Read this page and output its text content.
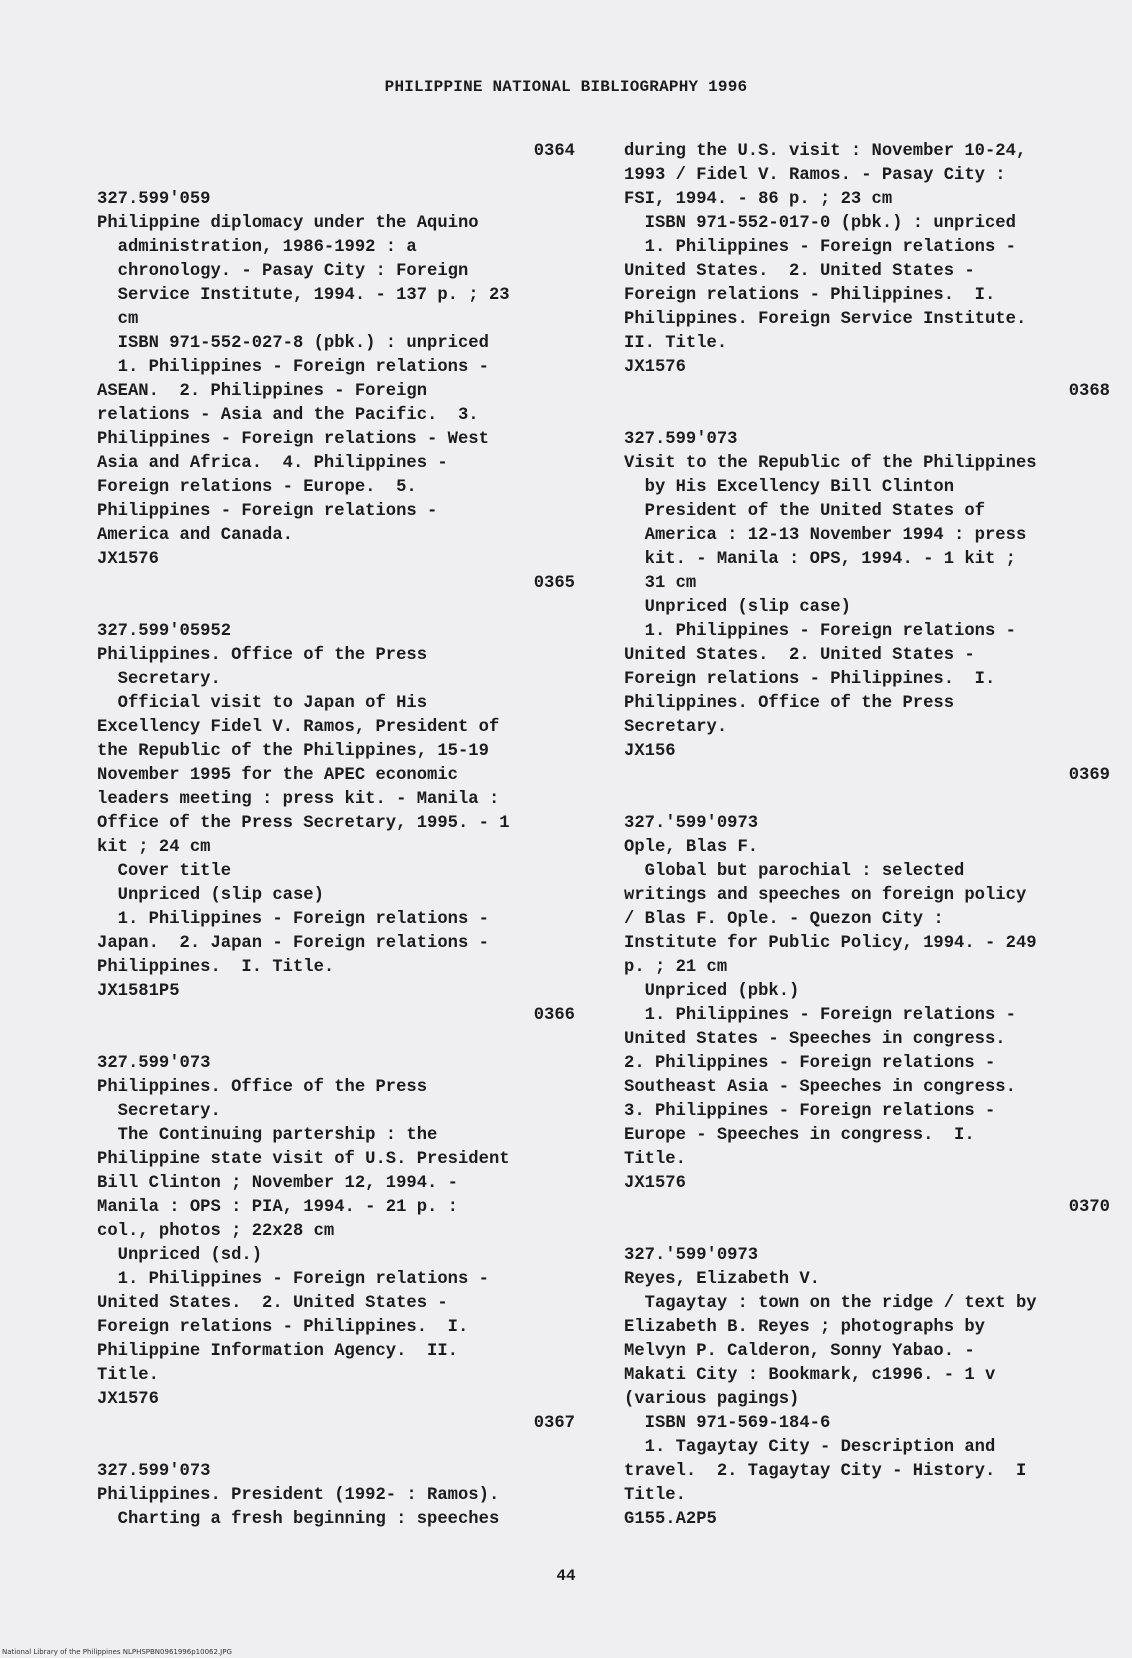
PHILIPPINE NATIONAL BIBLIOGRAPHY 1996
0364
327.599'059
Philippine diplomacy under the Aquino
administration, 1986-1992 : a
chronology. - Pasay City : Foreign
Service Institute, 1994. - 137 p. ; 23
cm
ISBN 971-552-027-8 (pbk.) : unpriced
1. Philippines - Foreign relations -
ASEAN.  2. Philippines - Foreign
relations - Asia and the Pacific.  3.
Philippines - Foreign relations - West
Asia and Africa.  4. Philippines -
Foreign relations - Europe.  5.
Philippines - Foreign relations -
America and Canada.
JX1576
0365
327.599'05952
Philippines. Office of the Press
Secretary.
Official visit to Japan of His
Excellency Fidel V. Ramos, President of
the Republic of the Philippines, 15-19
November 1995 for the APEC economic
leaders meeting : press kit. - Manila :
Office of the Press Secretary, 1995. - 1
kit ; 24 cm
Cover title
Unpriced (slip case)
1. Philippines - Foreign relations -
Japan.  2. Japan - Foreign relations -
Philippines.  I. Title.
JX1581P5
0366
327.599'073
Philippines. Office of the Press
Secretary.
The Continuing partership : the
Philippine state visit of U.S. President
Bill Clinton ; November 12, 1994. -
Manila : OPS : PIA, 1994. - 21 p. :
col., photos ; 22x28 cm
Unpriced (sd.)
1. Philippines - Foreign relations -
United States.  2. United States -
Foreign relations - Philippines.  I.
Philippine Information Agency.  II.
Title.
JX1576
0367
327.599'073
Philippines. President (1992- : Ramos).
Charting a fresh beginning : speeches
during the U.S. visit : November 10-24,
1993 / Fidel V. Ramos. - Pasay City :
FSI, 1994. - 86 p. ; 23 cm
ISBN 971-552-017-0 (pbk.) : unpriced
1. Philippines - Foreign relations -
United States.  2. United States -
Foreign relations - Philippines.  I.
Philippines. Foreign Service Institute.
II. Title.
JX1576
0368
327.599'073
Visit to the Republic of the Philippines
by His Excellency Bill Clinton
President of the United States of
America : 12-13 November 1994 : press
kit. - Manila : OPS, 1994. - 1 kit ;
31 cm
Unpriced (slip case)
1. Philippines - Foreign relations -
United States.  2. United States -
Foreign relations - Philippines.  I.
Philippines. Office of the Press
Secretary.
JX156
0369
327.'599'0973
Ople, Blas F.
Global but parochial : selected
writings and speeches on foreign policy
/ Blas F. Ople. - Quezon City :
Institute for Public Policy, 1994. - 249
p. ; 21 cm
Unpriced (pbk.)
1. Philippines - Foreign relations -
United States - Speeches in congress.
2. Philippines - Foreign relations -
Southeast Asia - Speeches in congress.
3. Philippines - Foreign relations -
Europe - Speeches in congress.  I.
Title.
JX1576
0370
327.'599'0973
Reyes, Elizabeth V.
Tagaytay : town on the ridge / text by
Elizabeth B. Reyes ; photographs by
Melvyn P. Calderon, Sonny Yabao. -
Makati City : Bookmark, c1996. - 1 v
(various pagings)
ISBN 971-569-184-6
1. Tagaytay City - Description and
travel.  2. Tagaytay City - History.  I
Title.
G155.A2P5
44
National Library of the Philippines NLPHSPBN0961996p10062.JPG
